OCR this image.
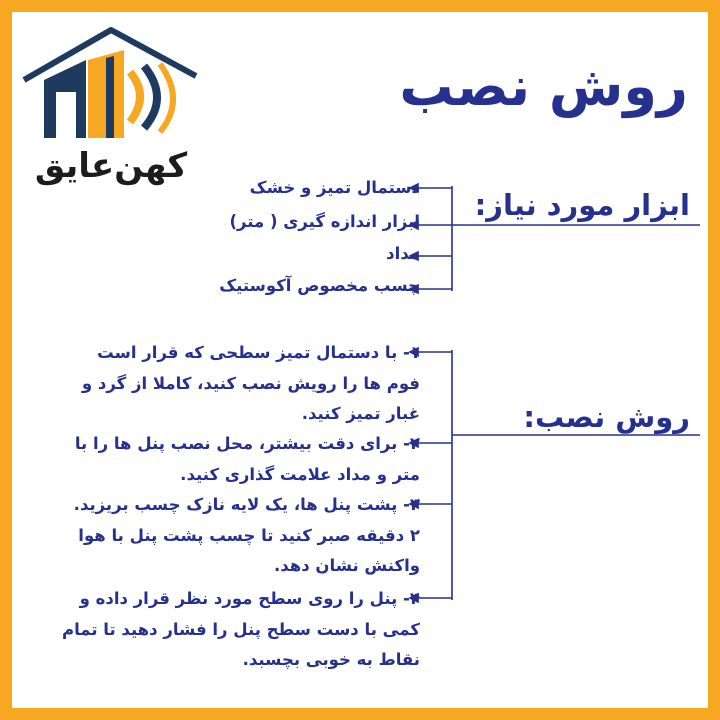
کهن‌عایق
روش نصب
ابزار مورد نیاز:
روش نصب:
دستمال تمیز و خشک
ابزار اندازه گیری ( متر)
مداد
چسب مخصوص آکوستیک
۱- با دستمال تمیز سطحی که قرار است فوم ها را رویش نصب کنید، کاملا از گرد و غبار تمیز کنید.
۲- برای دقت بیشتر، محل نصب پنل ها را با متر و مداد علامت گذاری کنید.
۳- پشت پنل ها، یک لایه نازک چسب بریزید. ۲ دقیقه صبر کنید تا چسب پشت پنل با هوا واکنش نشان دهد.
۴- پنل را روی سطح مورد نظر قرار داده و کمی با دست سطح پنل را فشار دهید تا تمام نقاط به خوبی بچسبد.
